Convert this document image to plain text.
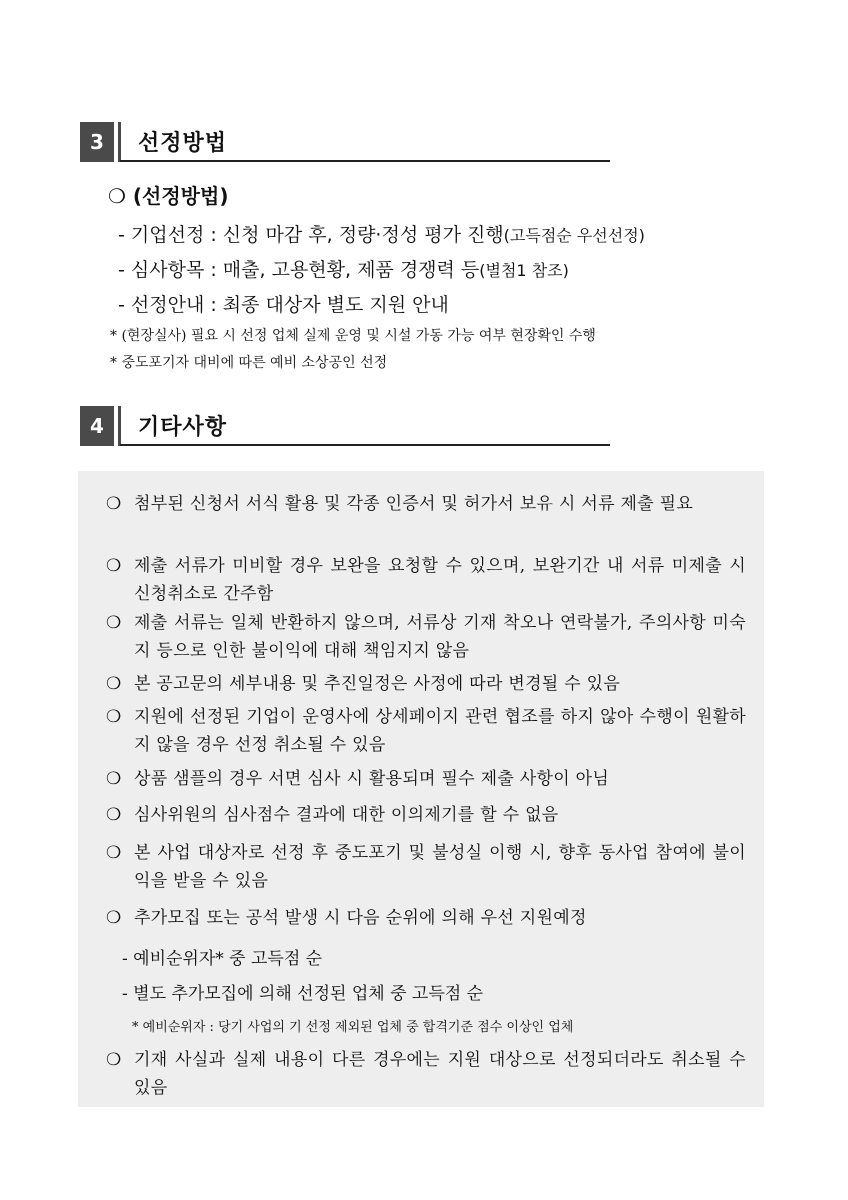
3	선정방법
❍ (선정방법)
- 기업선정 : 신청 마감 후, 정량·정성 평가 진행(고득점순 우선선정)
- 심사항목 : 매출, 고용현황, 제품 경쟁력 등(별첨1 참조)
- 선정안내 : 최종 대상자 별도 지원 안내
* (현장실사) 필요 시 선정 업체 실제 운영 및 시설 가동 가능 여부 현장확인 수행
* 중도포기자 대비에 따른 예비 소상공인 선정
4	기타사항
❍ 첨부된 신청서 서식 활용 및 각종 인증서 및 허가서 보유 시 서류 제출 필요
❍ 제출 서류가 미비할 경우 보완을 요청할 수 있으며, 보완기간 내 서류 미제출 시 신청취소로 간주함
❍ 제출 서류는 일체 반환하지 않으며, 서류상 기재 착오나 연락불가, 주의사항 미숙지 등으로 인한 불이익에 대해 책임지지 않음
❍ 본 공고문의 세부내용 및 추진일정은 사정에 따라 변경될 수 있음
❍ 지원에 선정된 기업이 운영사에 상세페이지 관련 협조를 하지 않아 수행이 원활하지 않을 경우 선정 취소될 수 있음
❍ 상품 샘플의 경우 서면 심사 시 활용되며 필수 제출 사항이 아님
❍ 심사위원의 심사점수 결과에 대한 이의제기를 할 수 없음
❍ 본 사업 대상자로 선정 후 중도포기 및 불성실 이행 시, 향후 동사업 참여에 불이익을 받을 수 있음
❍ 추가모집 또는 공석 발생 시 다음 순위에 의해 우선 지원예정
- 예비순위자* 중 고득점 순
- 별도 추가모집에 의해 선정된 업체 중 고득점 순
* 예비순위자 : 당기 사업의 기 선정 제외된 업체 중 합격기준 점수 이상인 업체
❍ 기재 사실과 실제 내용이 다른 경우에는 지원 대상으로 선정되더라도 취소될 수 있음
